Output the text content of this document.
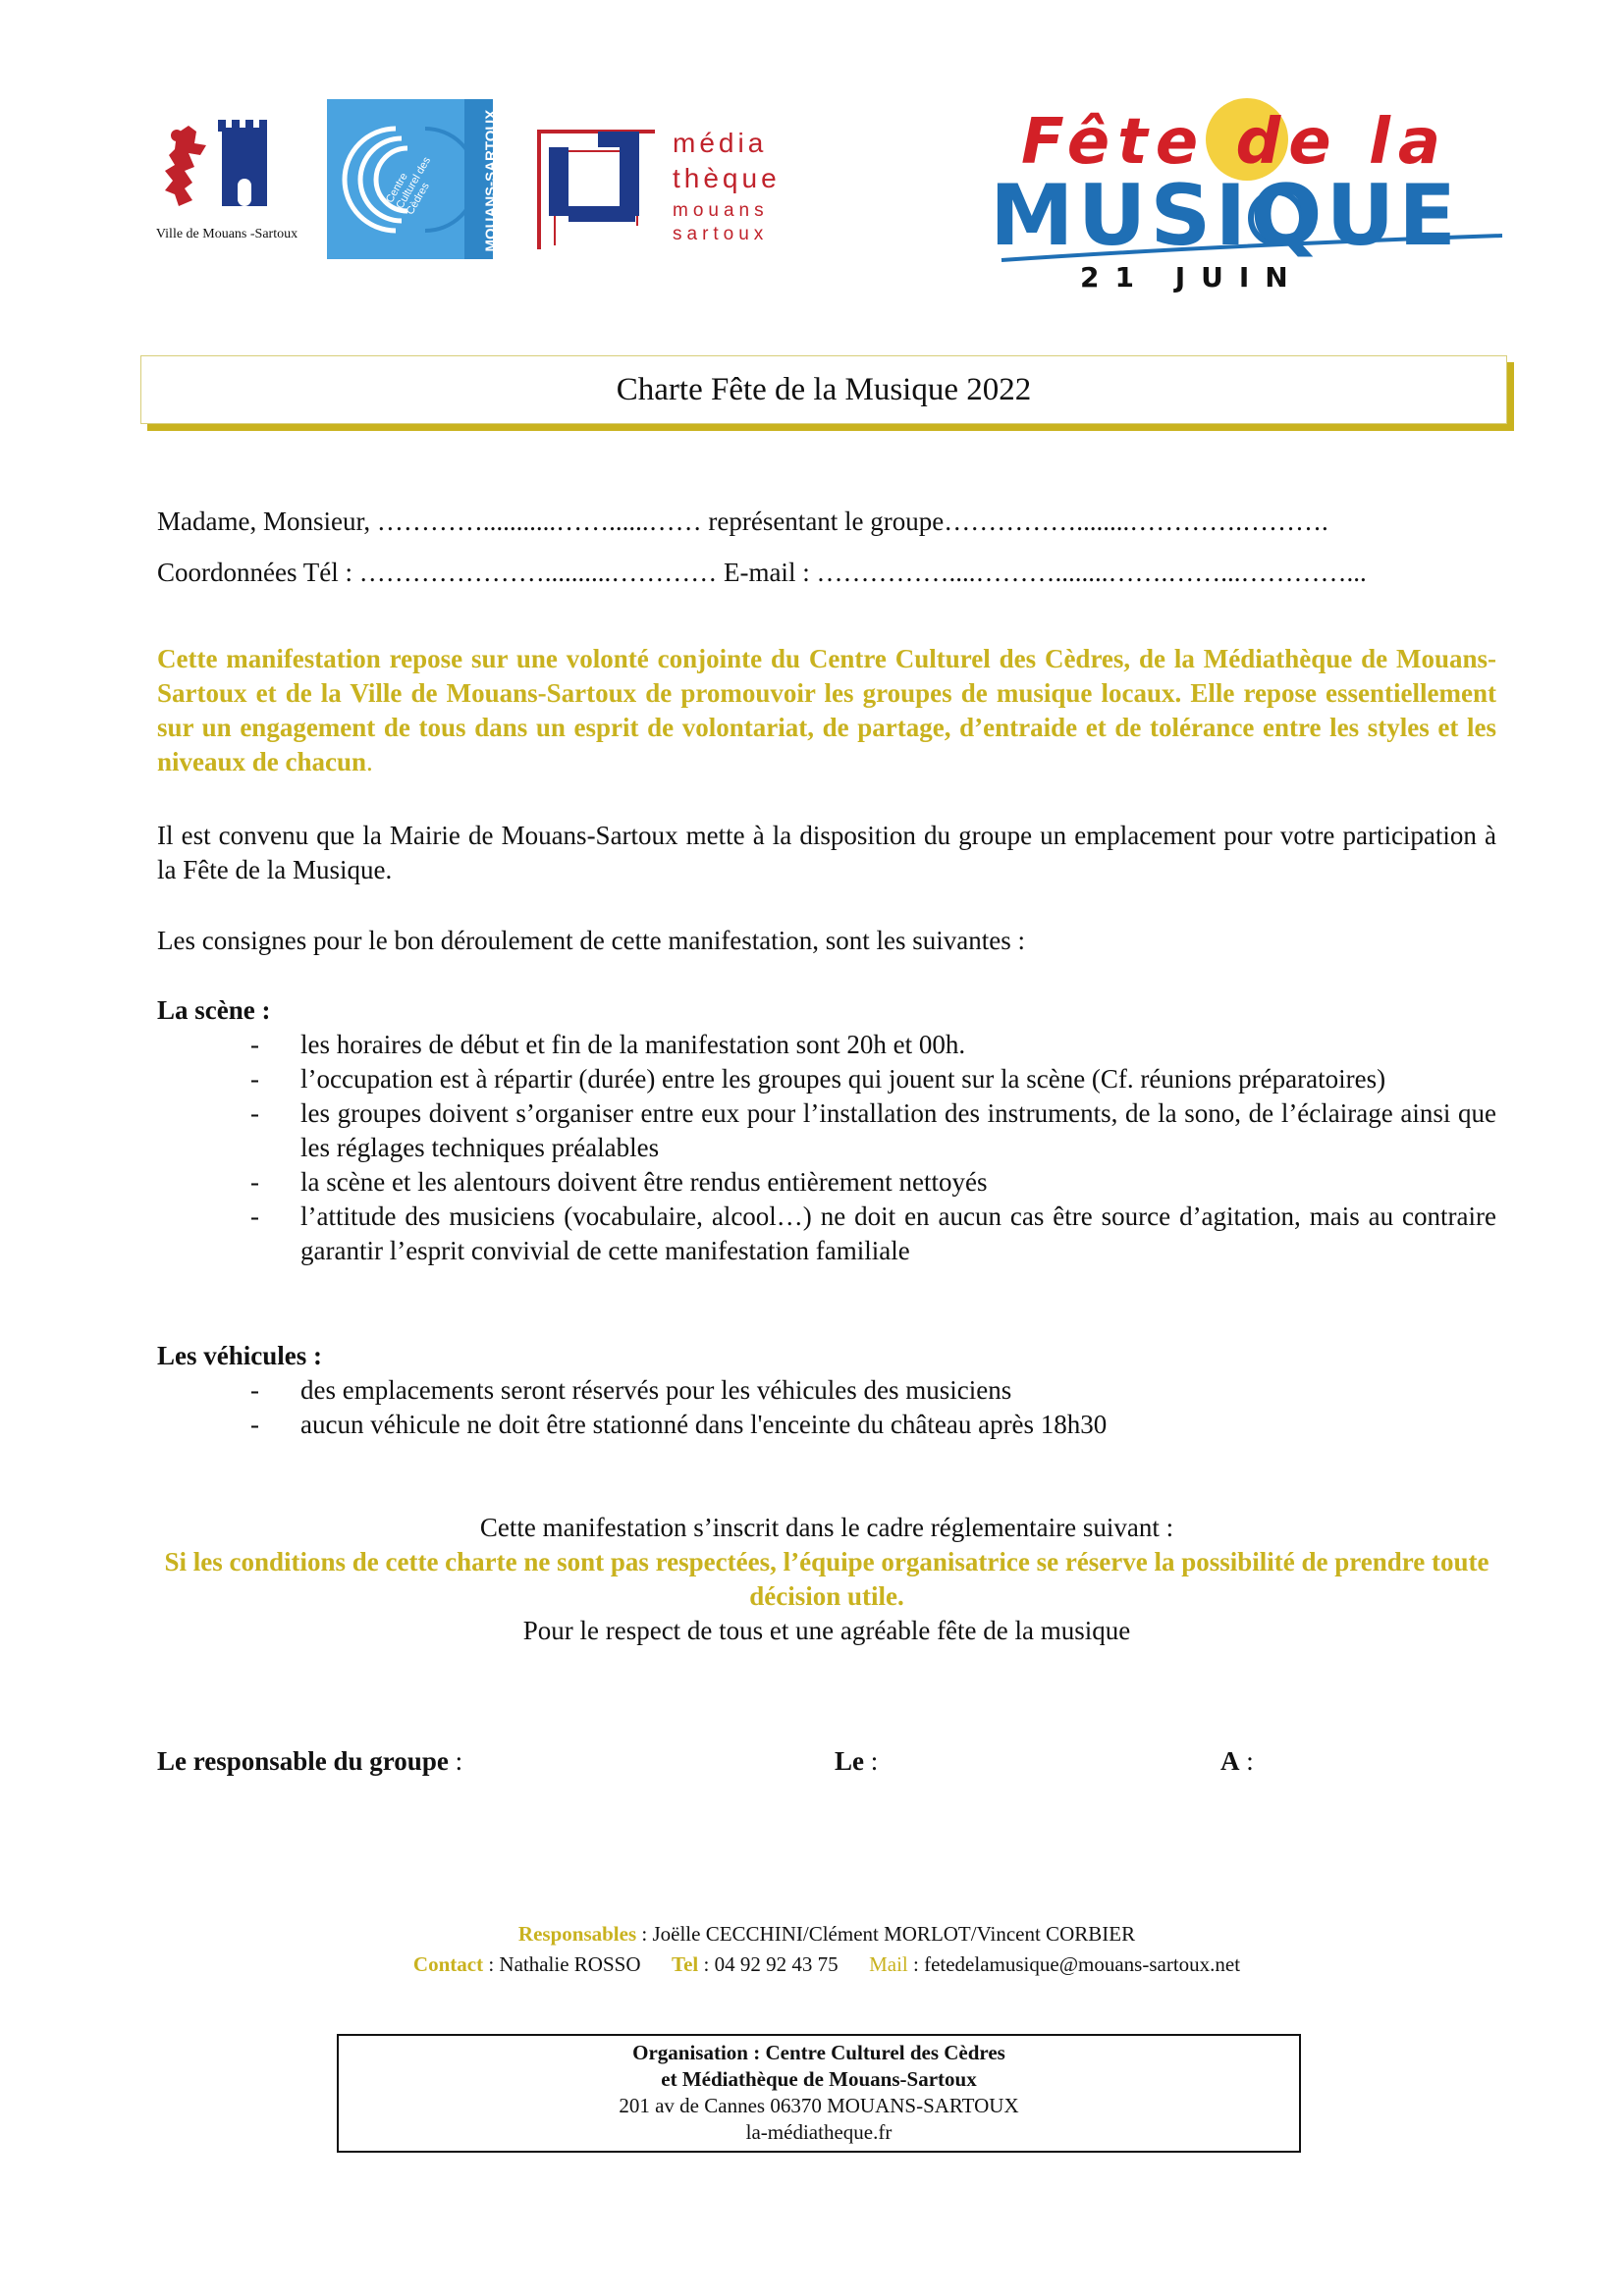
Ville de Mouans -Sartoux
Centre Culturel des Cèdres	MOUANS-SARTOUX	média
thèque
mouans
sartoux
Fête de la
MUSIQUE
21 JUIN
Charte Fête de la Musique 2022

Madame, Monsieur, …………...........……......…… représentant le groupe……………........………….……….

Coordonnées Tél : …………………..........………… E-mail : ……………....………........…….……...…………...

Cette manifestation repose sur une volonté conjointe du Centre Culturel des Cèdres, de la Médiathèque de Mouans-Sartoux et de la Ville de Mouans-Sartoux de promouvoir les groupes de musique locaux. Elle repose essentiellement sur un engagement de tous dans un esprit de volontariat, de partage, d’entraide et de tolérance entre les styles et les niveaux de chacun.

Il est convenu que la Mairie de Mouans-Sartoux mette à la disposition du groupe un emplacement pour votre participation à la Fête de la Musique.

Les consignes pour le bon déroulement de cette manifestation, sont les suivantes :

La scène :

- les horaires de début et fin de la manifestation sont 20h et 00h.
- l’occupation est à répartir (durée) entre les groupes qui jouent sur la scène (Cf. réunions préparatoires)
- les groupes doivent s’organiser entre eux pour l’installation des instruments, de la sono, de l’éclairage ainsi que les réglages techniques préalables
- la scène et les alentours doivent être rendus entièrement nettoyés
- l’attitude des musiciens (vocabulaire, alcool…) ne doit en aucun cas être source d’agitation, mais au contraire garantir l’esprit convivial de cette manifestation familiale

Les véhicules :

- des emplacements seront réservés pour les véhicules des musiciens
- aucun véhicule ne doit être stationné dans l'enceinte du château après 18h30

Cette manifestation s’inscrit dans le cadre réglementaire suivant :

Si les conditions de cette charte ne sont pas respectées, l’équipe organisatrice se réserve la possibilité de prendre toute décision utile.

Pour le respect de tous et une agréable fête de la musique

Le responsable du groupe :	Le :	A :

Responsables : Joëlle CECCHINI/Clément MORLOT/Vincent CORBIER

Contact : Nathalie ROSSO Tel : 04 92 92 43 75 Mail : fetedelamusique@mouans-sartoux.net

Organisation : Centre Culturel des Cèdres
et Médiathèque de Mouans-Sartoux
201 av de Cannes 06370 MOUANS-SARTOUX
la-médiatheque.fr
